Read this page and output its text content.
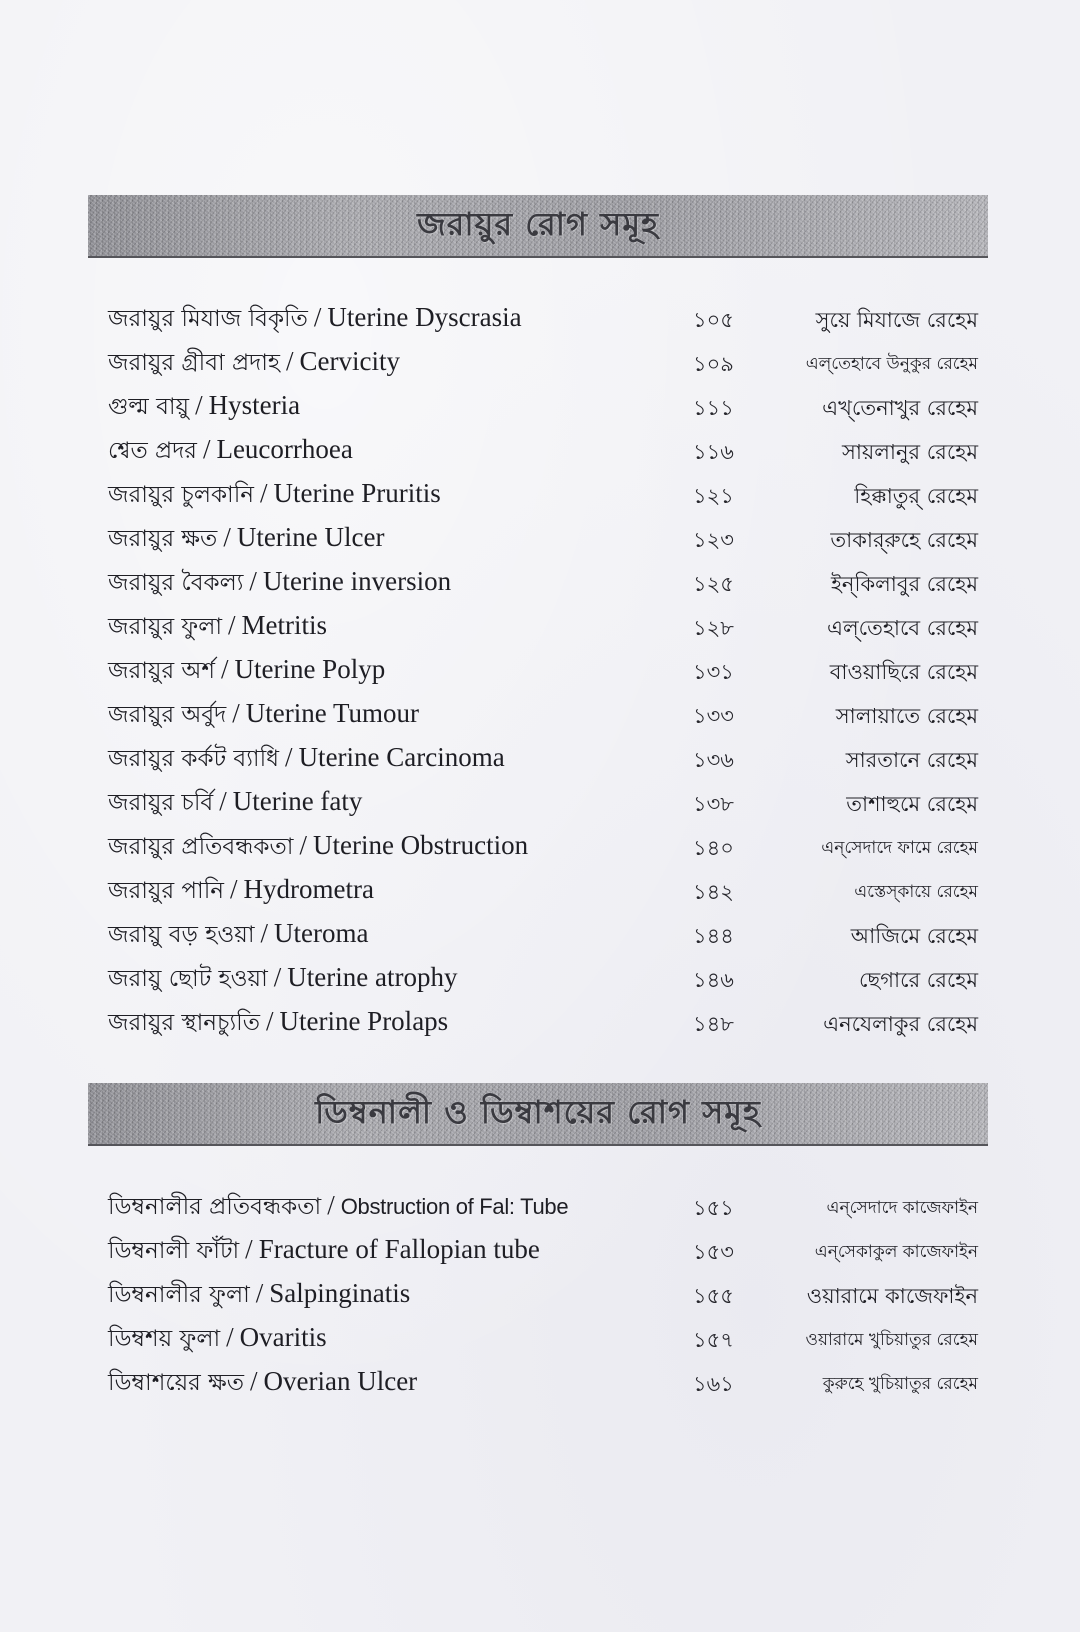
জরায়ুর রোগ সমূহ
জরায়ুর মিযাজ বিকৃতি / Uterine Dyscrasia	১০৫	সুয়ে মিযাজে রেহেম
জরায়ুর গ্রীবা প্রদাহ / Cervicity	১০৯	এল্‌তেহাবে উনুকুর রেহেম
গুল্ম বায়ু / Hysteria	১১১	এখ্‌তেনাখুর রেহেম
শ্বেত প্রদর / Leucorrhoea	১১৬	সায়লানুর রেহেম
জরায়ুর চুলকানি / Uterine Pruritis	১২১	হিক্কাতুর্‌ রেহেম
জরায়ুর ক্ষত / Uterine Ulcer	১২৩	তাকার্‌রুহে রেহেম
জরায়ুর বৈকল্য / Uterine inversion	১২৫	ইন্‌কিলাবুর রেহেম
জরায়ুর ফুলা / Metritis	১২৮	এল্‌তেহাবে রেহেম
জরায়ুর অর্শ / Uterine Polyp	১৩১	বাওয়াছিরে রেহেম
জরায়ুর অর্বুদ / Uterine Tumour	১৩৩	সালায়াতে রেহেম
জরায়ুর কর্কট ব্যাধি / Uterine Carcinoma	১৩৬	সারতানে রেহেম
জরায়ুর চর্বি / Uterine faty	১৩৮	তাশাহুমে রেহেম
জরায়ুর প্রতিবন্ধকতা / Uterine Obstruction	১৪০	এন্‌সেদাদে ফামে রেহেম
জরায়ুর পানি / Hydrometra	১৪২	এস্তেস্‌কায়ে রেহেম
জরায়ু বড় হওয়া / Uteroma	১৪৪	আজিমে রেহেম
জরায়ু ছোট হওয়া / Uterine atrophy	১৪৬	ছেগারে রেহেম
জরায়ুর স্থানচ্যুতি / Uterine Prolaps	১৪৮	এনযেলাকুর রেহেম
ডিম্বনালী ও ডিম্বাশয়ের রোগ সমূহ
ডিম্বনালীর প্রতিবন্ধকতা / Obstruction of Fal: Tube	১৫১	এন্‌সেদাদে কাজেফাইন
ডিম্বনালী ফাঁটা / Fracture of Fallopian tube	১৫৩	এন্‌সেকাকুল কাজেফাইন
ডিম্বনালীর ফুলা / Salpinginatis	১৫৫	ওয়ারামে কাজেফাইন
ডিম্বশয় ফুলা / Ovaritis	১৫৭	ওয়ারামে খুচিয়াতুর রেহেম
ডিম্বাশয়ের ক্ষত / Overian Ulcer	১৬১	কুরুহে খুচিয়াতুর রেহেম
